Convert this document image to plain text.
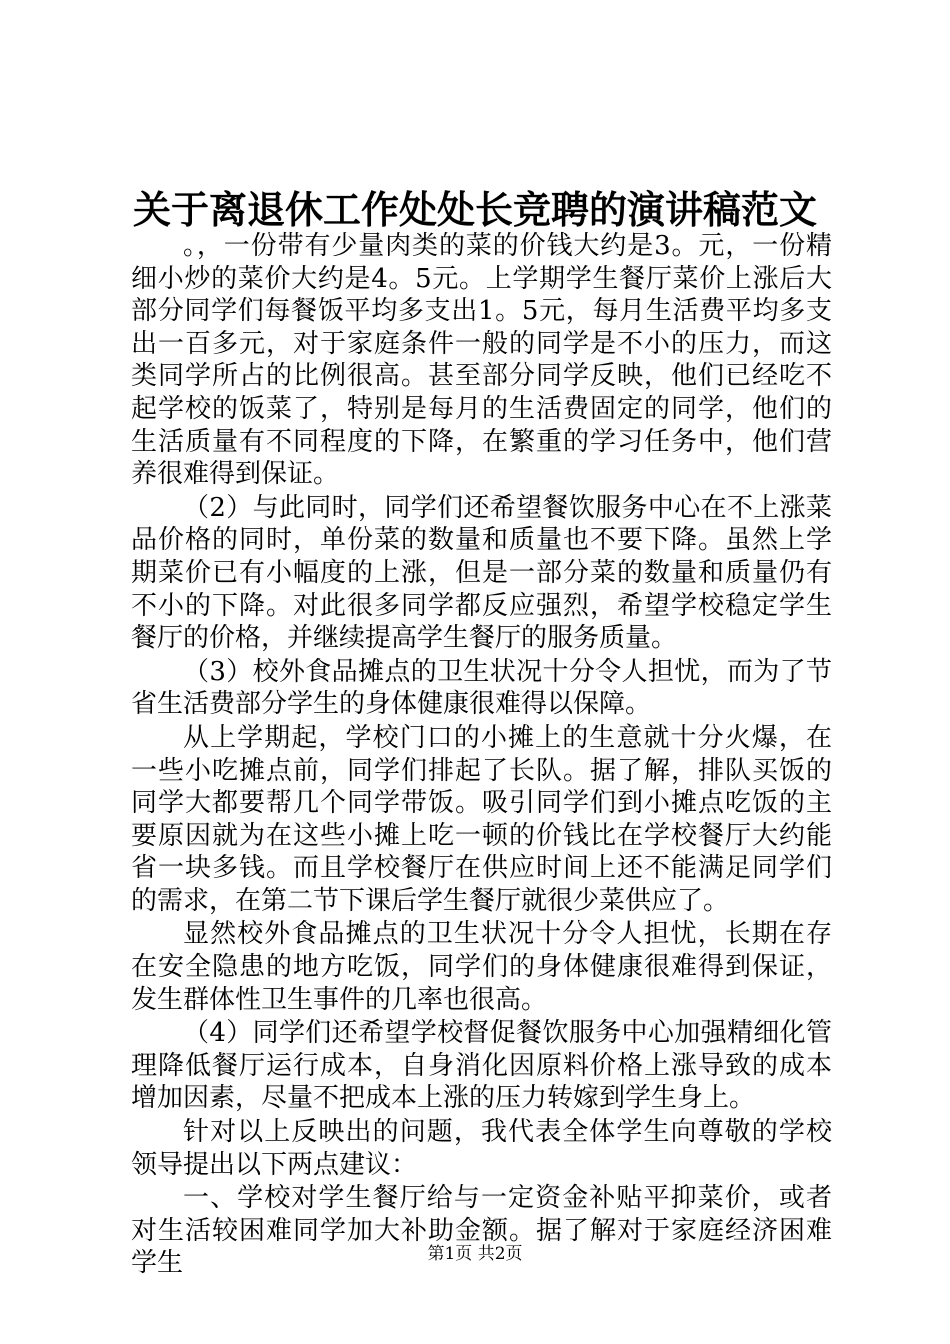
关于离退休工作处处长竞聘的演讲稿范文

。，一份带有少量肉类的菜的价钱大约是3。元，一份精细小炒的菜价大约是4。5元。上学期学生餐厅菜价上涨后大部分同学们每餐饭平均多支出1。5元，每月生活费平均多支出一百多元，对于家庭条件一般的同学是不小的压力，而这类同学所占的比例很高。甚至部分同学反映，他们已经吃不起学校的饭菜了，特别是每月的生活费固定的同学，他们的生活质量有不同程度的下降，在繁重的学习任务中，他们营养很难得到保证。

（2）与此同时，同学们还希望餐饮服务中心在不上涨菜品价格的同时，单份菜的数量和质量也不要下降。虽然上学期菜价已有小幅度的上涨，但是一部分菜的数量和质量仍有不小的下降。对此很多同学都反应强烈，希望学校稳定学生餐厅的价格，并继续提高学生餐厅的服务质量。

（3）校外食品摊点的卫生状况十分令人担忧，而为了节省生活费部分学生的身体健康很难得以保障。

从上学期起，学校门口的小摊上的生意就十分火爆，在一些小吃摊点前，同学们排起了长队。据了解，排队买饭的同学大都要帮几个同学带饭。吸引同学们到小摊点吃饭的主要原因就为在这些小摊上吃一顿的价钱比在学校餐厅大约能省一块多钱。而且学校餐厅在供应时间上还不能满足同学们的需求，在第二节下课后学生餐厅就很少菜供应了。

显然校外食品摊点的卫生状况十分令人担忧，长期在存在安全隐患的地方吃饭，同学们的身体健康很难得到保证，发生群体性卫生事件的几率也很高。

（4）同学们还希望学校督促餐饮服务中心加强精细化管理降低餐厅运行成本，自身消化因原料价格上涨导致的成本增加因素，尽量不把成本上涨的压力转嫁到学生身上。

针对以上反映出的问题，我代表全体学生向尊敬的学校领导提出以下两点建议：

一、学校对学生餐厅给与一定资金补贴平抑菜价，或者对生活较困难同学加大补助金额。据了解对于家庭经济困难学生	第1页 共2页
